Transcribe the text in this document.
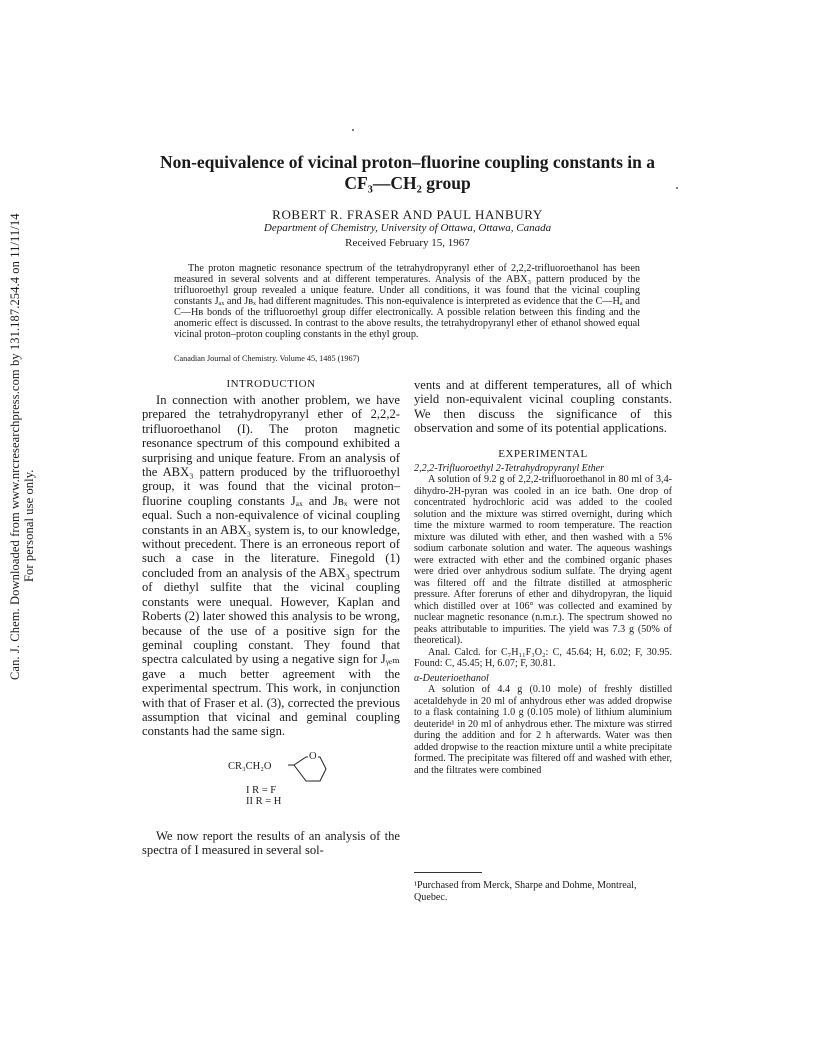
Can. J. Chem. Downloaded from www.nrcresearchpress.com by 131.187.254.4 on 11/11/14 For personal use only.
Non-equivalence of vicinal proton–fluorine coupling constants in a
CF₃—CH₂ group
ROBERT R. FRASER AND PAUL HANBURY
Department of Chemistry, University of Ottawa, Ottawa, Canada
Received February 15, 1967

The proton magnetic resonance spectrum of the tetrahydropyranyl ether of 2,2,2-trifluoroethanol has been measured in several solvents and at different temperatures. Analysis of the ABX₃ pattern produced by the trifluoroethyl group revealed a unique feature. Under all conditions, it was found that the vicinal coupling constants Jₐₓ and Jʙₓ had different magnitudes. This non-equivalence is interpreted as evidence that the C—Hₐ and C—Hʙ bonds of the trifluoroethyl group differ electronically. A possible relation between this finding and the anomeric effect is discussed. In contrast to the above results, the tetrahydropyranyl ether of ethanol showed equal vicinal proton–proton coupling constants in the ethyl group.

Canadian Journal of Chemistry. Volume 45, 1485 (1967)
INTRODUCTION

In connection with another problem, we have prepared the tetrahydropyranyl ether of 2,2,2-trifluoroethanol (I). The proton magnetic resonance spectrum of this compound exhibited a surprising and unique feature. From an analysis of the ABX₃ pattern produced by the trifluoroethyl group, it was found that the vicinal proton–fluorine coupling constants Jₐₓ and Jʙₓ were not equal. Such a non-equivalence of vicinal coupling constants in an ABX₃ system is, to our knowledge, without precedent. There is an erroneous report of such a case in the literature. Finegold (1) concluded from an analysis of the ABX₃ spectrum of diethyl sulfite that the vicinal coupling constants were unequal. However, Kaplan and Roberts (2) later showed this analysis to be wrong, because of the use of a positive sign for the geminal coupling constant. They found that spectra calculated by using a negative sign for Jᵧₑₘ gave a much better agreement with the experimental spectrum. This work, in conjunction with that of Fraser et al. (3), corrected the previous assumption that vicinal and geminal coupling constants had the same sign.

O
CR₃CH₂O
I R = F
II R = H

We now report the results of an analysis of the spectra of I measured in several sol-

vents and at different temperatures, all of which yield non-equivalent vicinal coupling constants. We then discuss the significance of this observation and some of its potential applications.

EXPERIMENTAL

2,2,2-Trifluoroethyl 2-Tetrahydropyranyl Ether

A solution of 9.2 g of 2,2,2-trifluoroethanol in 80 ml of 3,4-dihydro-2H-pyran was cooled in an ice bath. One drop of concentrated hydrochloric acid was added to the cooled solution and the mixture was stirred overnight, during which time the mixture warmed to room temperature. The reaction mixture was diluted with ether, and then washed with a 5% sodium carbonate solution and water. The aqueous washings were extracted with ether and the combined organic phases were dried over anhydrous sodium sulfate. The drying agent was filtered off and the filtrate distilled at atmospheric pressure. After foreruns of ether and dihydropyran, the liquid which distilled over at 106° was collected and examined by nuclear magnetic resonance (n.m.r.). The spectrum showed no peaks attributable to impurities. The yield was 7.3 g (50% of theoretical).

Anal. Calcd. for C₇H₁₁F₃O₂: C, 45.64; H, 6.02; F, 30.95. Found: C, 45.45; H, 6.07; F, 30.81.

α-Deuterioethanol

A solution of 4.4 g (0.10 mole) of freshly distilled acetaldehyde in 20 ml of anhydrous ether was added dropwise to a flask containing 1.0 g (0.105 mole) of lithium aluminium deuteride¹ in 20 ml of anhydrous ether. The mixture was stirred during the addition and for 2 h afterwards. Water was then added dropwise to the reaction mixture until a white precipitate formed. The precipitate was filtered off and washed with ether, and the filtrates were combined

¹Purchased from Merck, Sharpe and Dohme, Montreal, Quebec.
